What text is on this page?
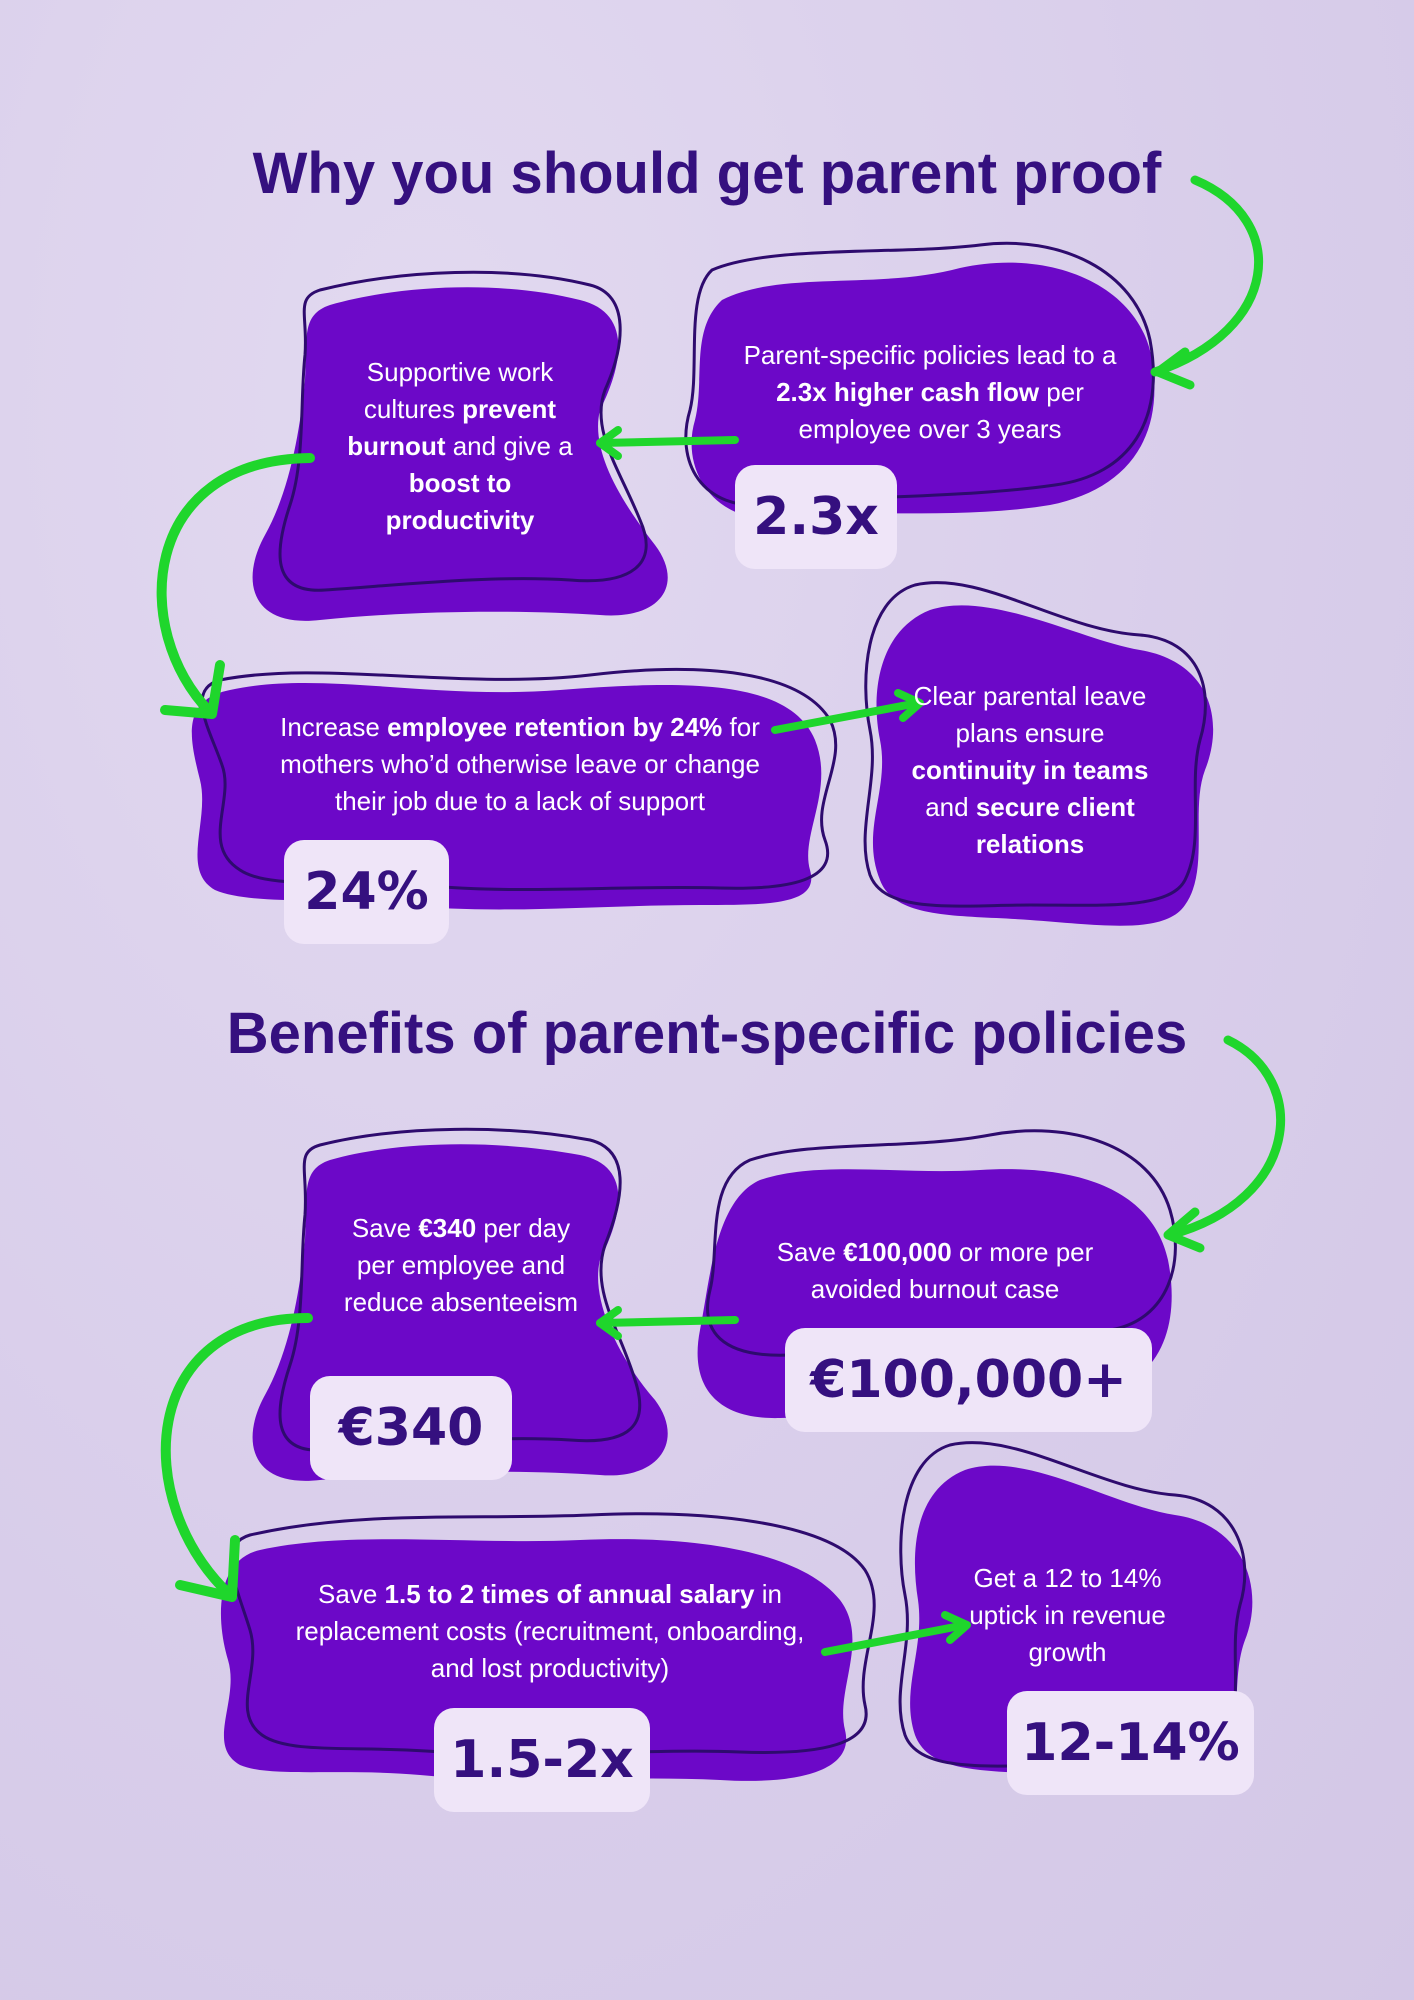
Why you should get parent proof
Benefits of parent-specific policies
Parent-specific policies lead to a 2.3x higher cash flow per employee over 3 years
2.3x
Supportive work cultures prevent burnout and give a boost to productivity
Increase employee retention by 24% for mothers who’d otherwise leave or change their job due to a lack of support
24%
Clear parental leave plans ensure continuity in teams and secure client relations
Save €100,000 or more per avoided burnout case
€100,000+
Save €340 per day per employee and reduce absenteeism
€340
Save 1.5 to 2 times of annual salary in replacement costs (recruitment, onboarding, and lost productivity)
1.5-2x
Get a 12 to 14% uptick in revenue growth
12-14%
